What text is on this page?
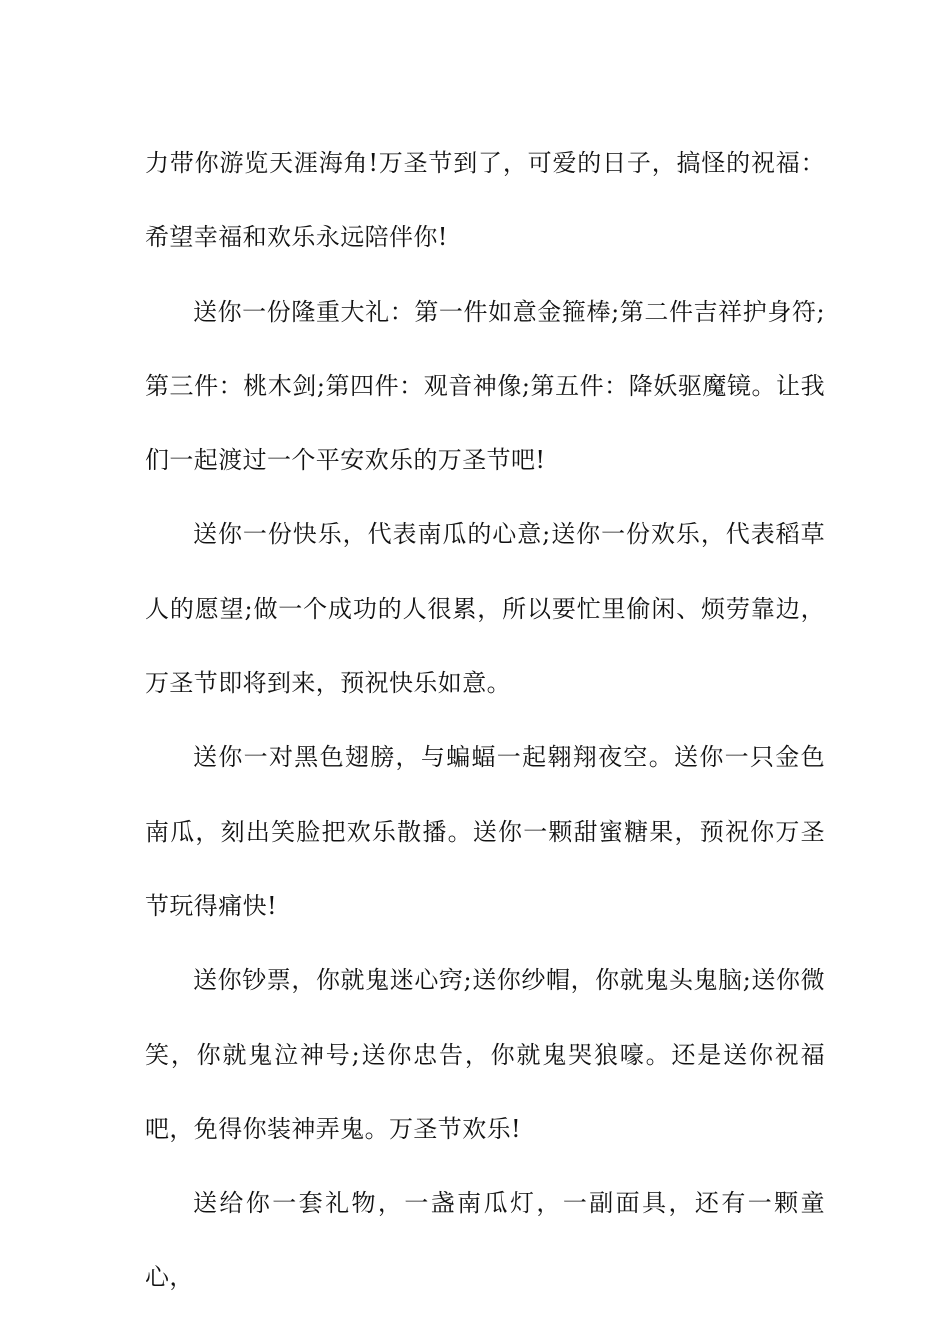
力带你游览天涯海角!万圣节到了，可爱的日子，搞怪的祝福：希望幸福和欢乐永远陪伴你!

送你一份隆重大礼：第一件如意金箍棒;第二件吉祥护身符;第三件：桃木剑;第四件：观音神像;第五件：降妖驱魔镜。让我们一起渡过一个平安欢乐的万圣节吧!

送你一份快乐，代表南瓜的心意;送你一份欢乐，代表稻草人的愿望;做一个成功的人很累，所以要忙里偷闲、烦劳靠边，万圣节即将到来，预祝快乐如意。

送你一对黑色翅膀，与蝙蝠一起翱翔夜空。送你一只金色南瓜，刻出笑脸把欢乐散播。送你一颗甜蜜糖果，预祝你万圣节玩得痛快!

送你钞票，你就鬼迷心窍;送你纱帽，你就鬼头鬼脑;送你微笑，你就鬼泣神号;送你忠告，你就鬼哭狼嚎。还是送你祝福吧，免得你装神弄鬼。万圣节欢乐!

送给你一套礼物，一盏南瓜灯，一副面具，还有一颗童心，
